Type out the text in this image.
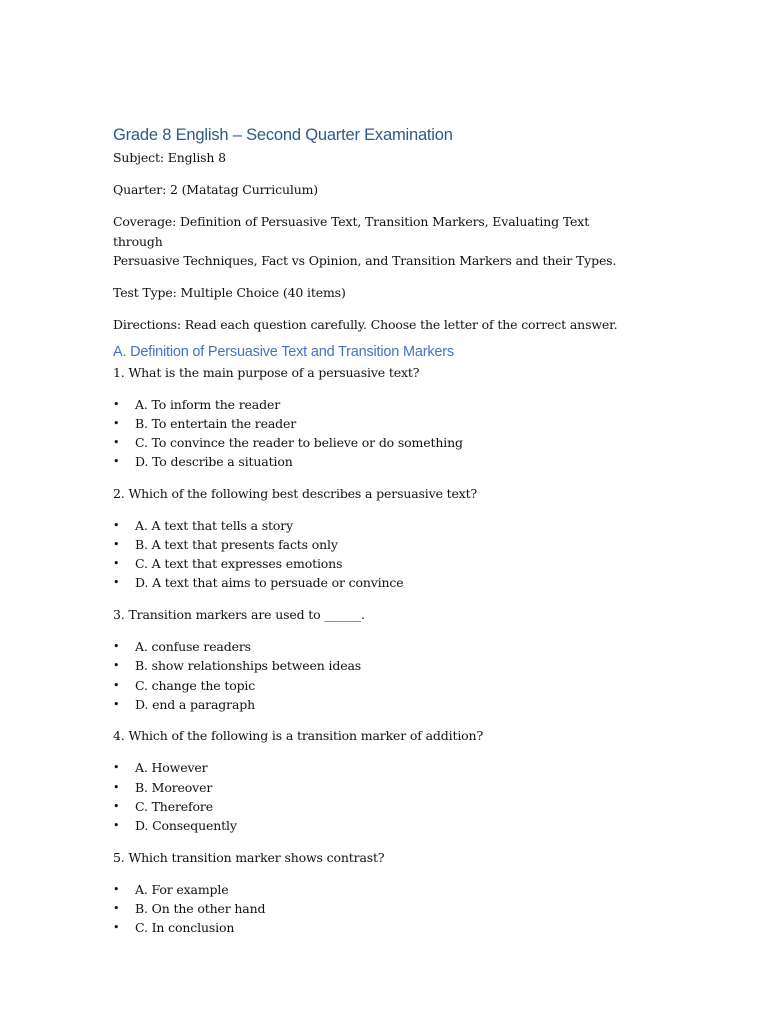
Grade 8 English – Second Quarter Examination

Subject: English 8

Quarter: 2 (Matatag Curriculum)

Coverage: Definition of Persuasive Text, Transition Markers, Evaluating Text through

Persuasive Techniques, Fact vs Opinion, and Transition Markers and their Types.

Test Type: Multiple Choice (40 items)

Directions: Read each question carefully. Choose the letter of the correct answer.

A. Definition of Persuasive Text and Transition Markers

1. What is the main purpose of a persuasive text?

• A. To inform the reader
• B. To entertain the reader
• C. To convince the reader to believe or do something
• D. To describe a situation

2. Which of the following best describes a persuasive text?

• A. A text that tells a story
• B. A text that presents facts only
• C. A text that expresses emotions
• D. A text that aims to persuade or convince

3. Transition markers are used to ______.

• A. confuse readers
• B. show relationships between ideas
• C. change the topic
• D. end a paragraph

4. Which of the following is a transition marker of addition?

• A. However
• B. Moreover
• C. Therefore
• D. Consequently

5. Which transition marker shows contrast?

• A. For example
• B. On the other hand
• C. In conclusion
